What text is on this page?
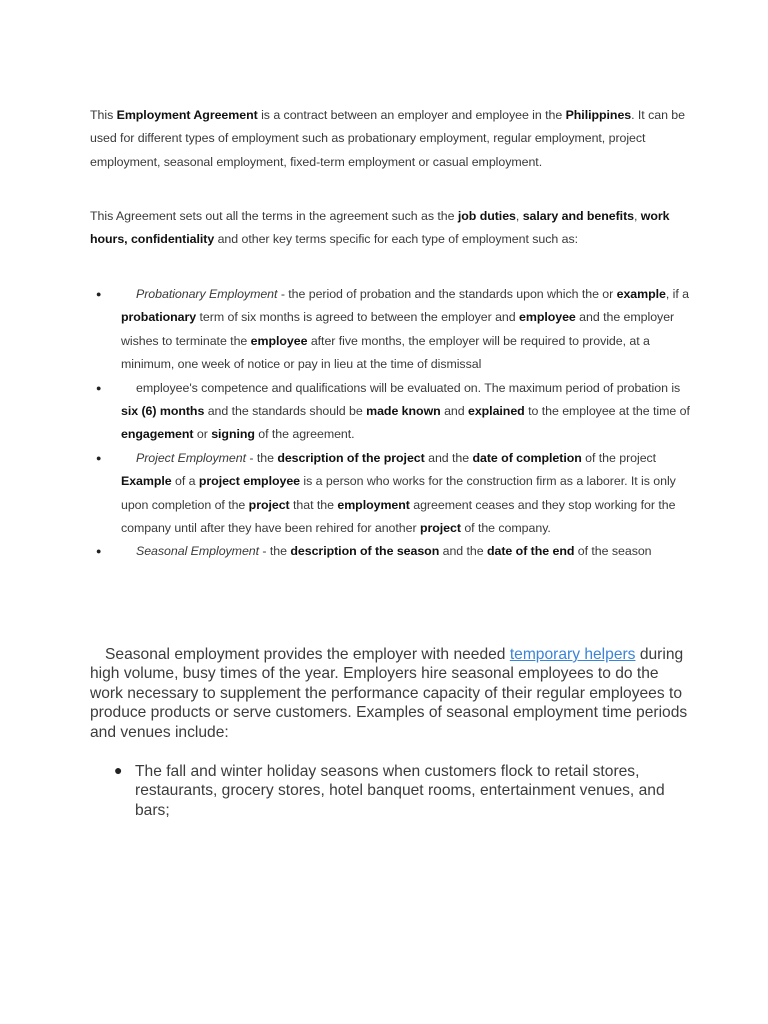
This Employment Agreement is a contract between an employer and employee in the Philippines. It can be used for different types of employment such as probationary employment, regular employment, project employment, seasonal employment, fixed-term employment or casual employment.

This Agreement sets out all the terms in the agreement such as the job duties, salary and benefits, work hours, confidentiality and other key terms specific for each type of employment such as:

●	Probationary Employment - the period of probation and the standards upon which the or example, if a probationary term of six months is agreed to between the employer and employee and the employer wishes to terminate the employee after five months, the employer will be required to provide, at a minimum, one week of notice or pay in lieu at the time of dismissal
●	employee's competence and qualifications will be evaluated on. The maximum period of probation is six (6) months and the standards should be made known and explained to the employee at the time of engagement or signing of the agreement.
●	Project Employment - the description of the project and the date of completion of the project Example of a project employee is a person who works for the construction firm as a laborer. It is only upon completion of the project that the employment agreement ceases and they stop working for the company until after they have been rehired for another project of the company.
●	Seasonal Employment - the description of the season and the date of the end of the season

Seasonal employment provides the employer with needed temporary helpers during high volume, busy times of the year. Employers hire seasonal employees to do the work necessary to supplement the performance capacity of their regular employees to produce products or serve customers. Examples of seasonal employment time periods and venues include:

● The fall and winter holiday seasons when customers flock to retail stores, restaurants, grocery stores, hotel banquet rooms, entertainment venues, and bars;
